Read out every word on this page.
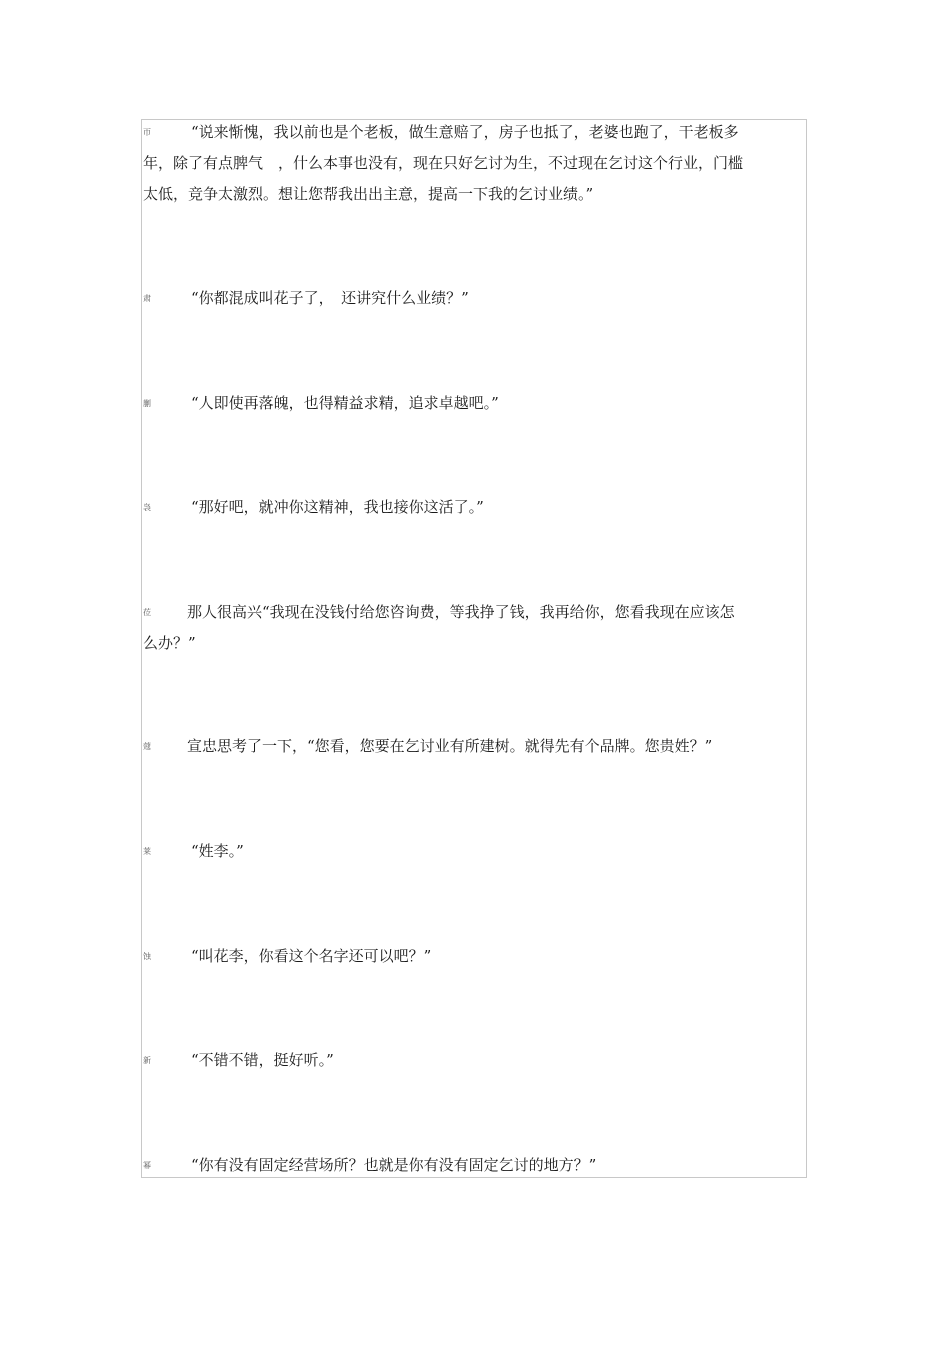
帀	“说来惭愧，我以前也是个老板，做生意赔了，房子也抵了，老婆也跑了，干老板多
年，除了有点脾气　，什么本事也没有，现在只好乞讨为生，不过现在乞讨这个行业，门槛
太低，竞争太激烈。想让您帮我出出主意，提高一下我的乞讨业绩。”
肃	“你都混成叫花子了，　还讲究什么业绩？”
蒯	“人即使再落魄，也得精益求精，追求卓越吧。”
袅	“那好吧，就冲你这精神，我也接你这活了。”
莅	那人很高兴“我现在没钱付给您咨询费，等我挣了钱，我再给你，您看我现在应该怎
么办？”
蔻	宣忠思考了一下，“您看，您要在乞讨业有所建树。就得先有个品牌。您贵姓？”
莱	“姓李。”
蚀	“叫花李，你看这个名字还可以吧？”
新	“不错不错，挺好听。”
幂	“你有没有固定经营场所？也就是你有没有固定乞讨的地方？”
